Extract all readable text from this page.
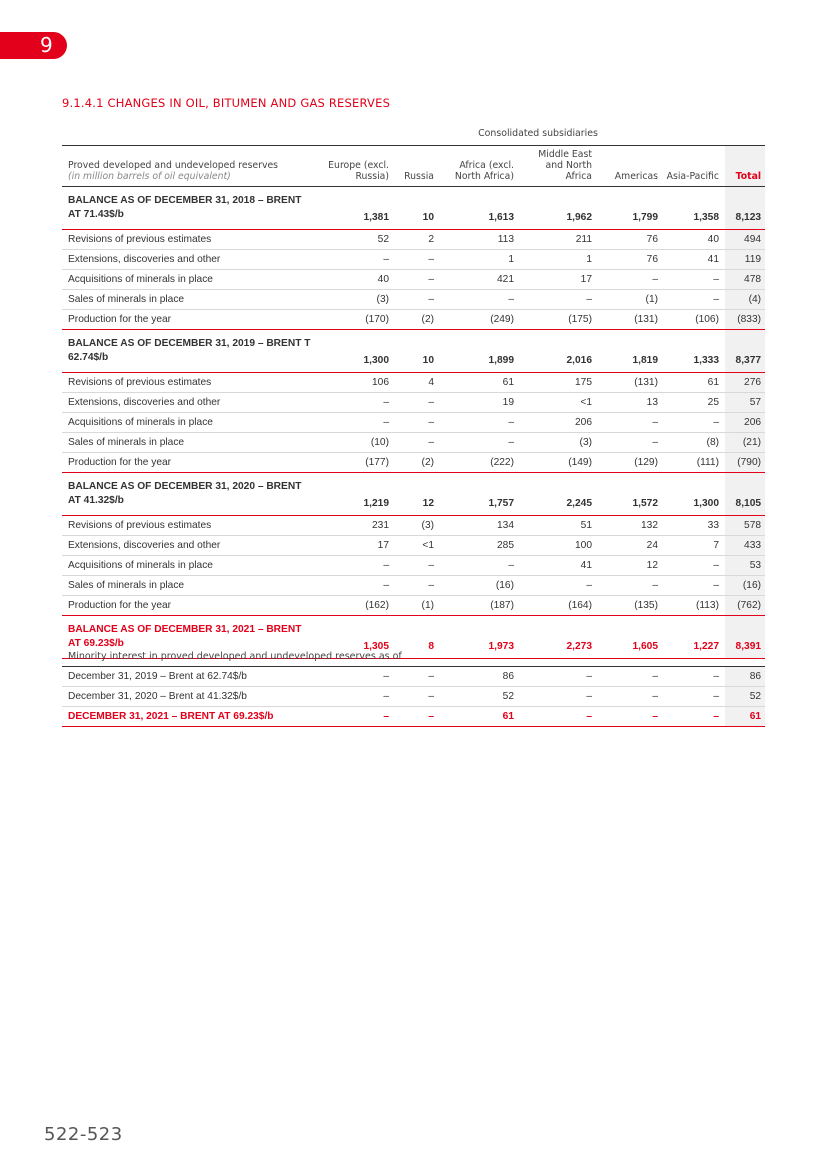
9
9.1.4.1 CHANGES IN OIL, BITUMEN AND GAS RESERVES
	Consolidated subsidiaries						

Proved developed and undeveloped reserves
(in million barrels of oil equivalent)	Europe (excl. Russia)	Russia	Africa (excl. North Africa)	Middle East and North Africa	Americas	Asia-Pacific	Total
BALANCE AS OF DECEMBER 31, 2018 – BRENT AT 71.43$/b	1,381	10	1,613	1,962	1,799	1,358	8,123
Revisions of previous estimates	52	2	113	211	76	40	494
Extensions, discoveries and other	–	–	1	1	76	41	119
Acquisitions of minerals in place	40	–	421	17	–	–	478
Sales of minerals in place	(3)	–	–	–	(1)	–	(4)
Production for the year	(170)	(2)	(249)	(175)	(131)	(106)	(833)
BALANCE AS OF DECEMBER 31, 2019 – BRENT T 62.74$/b	1,300	10	1,899	2,016	1,819	1,333	8,377
Revisions of previous estimates	106	4	61	175	(131)	61	276
Extensions, discoveries and other	–	–	19	<1	13	25	57
Acquisitions of minerals in place	–	–	–	206	–	–	206
Sales of minerals in place	(10)	–	–	(3)	–	(8)	(21)
Production for the year	(177)	(2)	(222)	(149)	(129)	(111)	(790)
BALANCE AS OF DECEMBER 31, 2020 – BRENT AT 41.32$/b	1,219	12	1,757	2,245	1,572	1,300	8,105
Revisions of previous estimates	231	(3)	134	51	132	33	578
Extensions, discoveries and other	17	<1	285	100	24	7	433
Acquisitions of minerals in place	–	–	–	41	12	–	53
Sales of minerals in place	–	–	(16)	–	–	–	(16)
Production for the year	(162)	(1)	(187)	(164)	(135)	(113)	(762)
BALANCE AS OF DECEMBER 31, 2021 – BRENT AT 69.23$/b	1,305	8	1,973	2,273	1,605	1,227	8,391
Minority interest in proved developed and undeveloped reserves as of							
December 31, 2019 – Brent at 62.74$/b	–	–	86	–	–	–	86
December 31, 2020 – Brent at 41.32$/b	–	–	52	–	–	–	52
DECEMBER 31, 2021 – BRENT AT 69.23$/b	–	–	61	–	–	–	61
522-523
